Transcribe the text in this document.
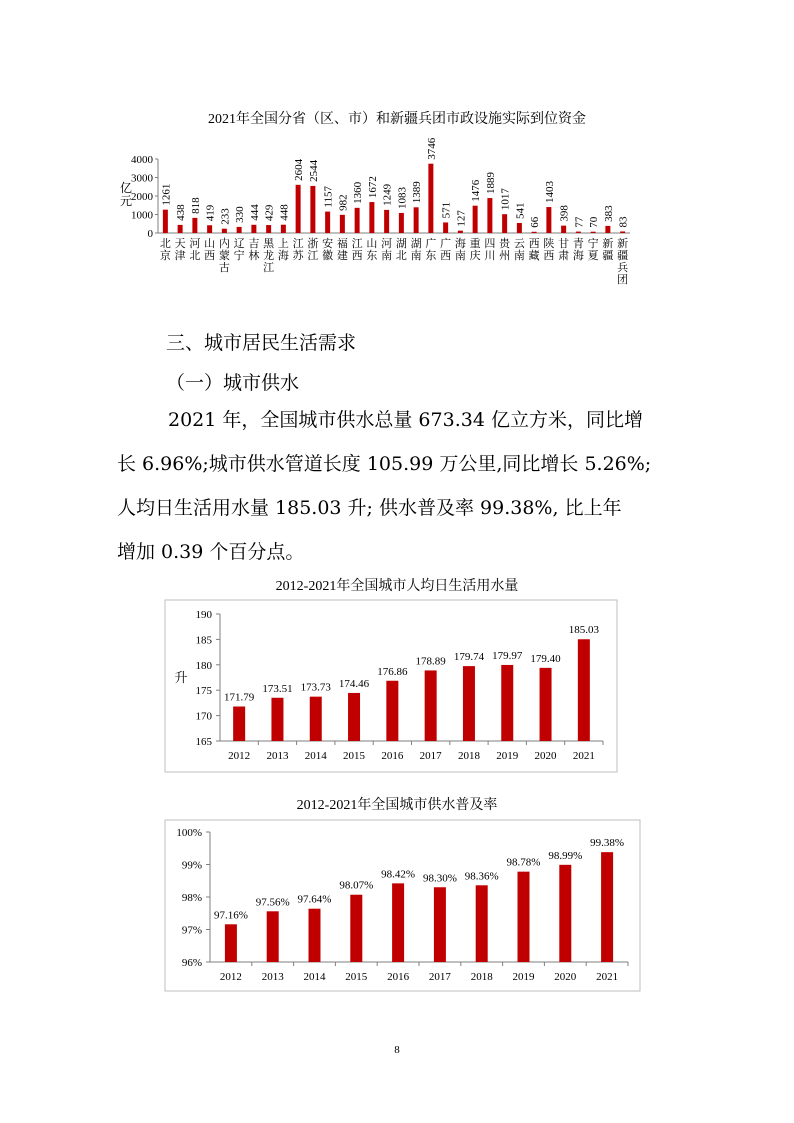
2021年全国分省（区、市）和新疆兵团市政设施实际到位资金
0
1000
2000
3000
4000
亿
元	1261
北
京
438
天
津
818
河
北
419
山
西
233
内
蒙
古
330
辽
宁
444
吉
林
429
黑
龙
江
448
上
海
2604
江
苏
2544
浙
江
1157
安
徽
982
福
建
1360
江
西
1672
山
东
1249
河
南
1083
湖
北
1389
湖
南
3746
广
东
571
广
西
127
海
南
1476
重
庆
1889
四
川
1017
贵
州
541
云
南
66
西
藏
1403
陕
西
398
甘
肃
77
青
海
70
宁
夏
383
新
疆
83
新
疆
兵
团
三、城市居民生活需求
（一）城市供水
2021 年，全国城市供水总量 673.34 亿立方米，同比增
长 6.96%;城市供水管道长度 105.99 万公里,同比增长 5.26%;
人均日生活用水量 185.03 升; 供水普及率 99.38%, 比上年
增加 0.39 个百分点。
2012-2021年全国城市人均日生活用水量
165
170
175
180
185
190
升
171.79
2012
173.51
2013
173.73
2014
174.46
2015
176.86
2016
178.89
2017
179.74
2018
179.97
2019
179.40
2020
185.03
2021
2012-2021年全国城市供水普及率
96%
97%
98%
99%
100%
97.16%
2012
97.56%
2013
97.64%
2014
98.07%
2015
98.42%
2016
98.30%
2017
98.36%
2018
98.78%
2019
98.99%
2020
99.38%
2021
8
